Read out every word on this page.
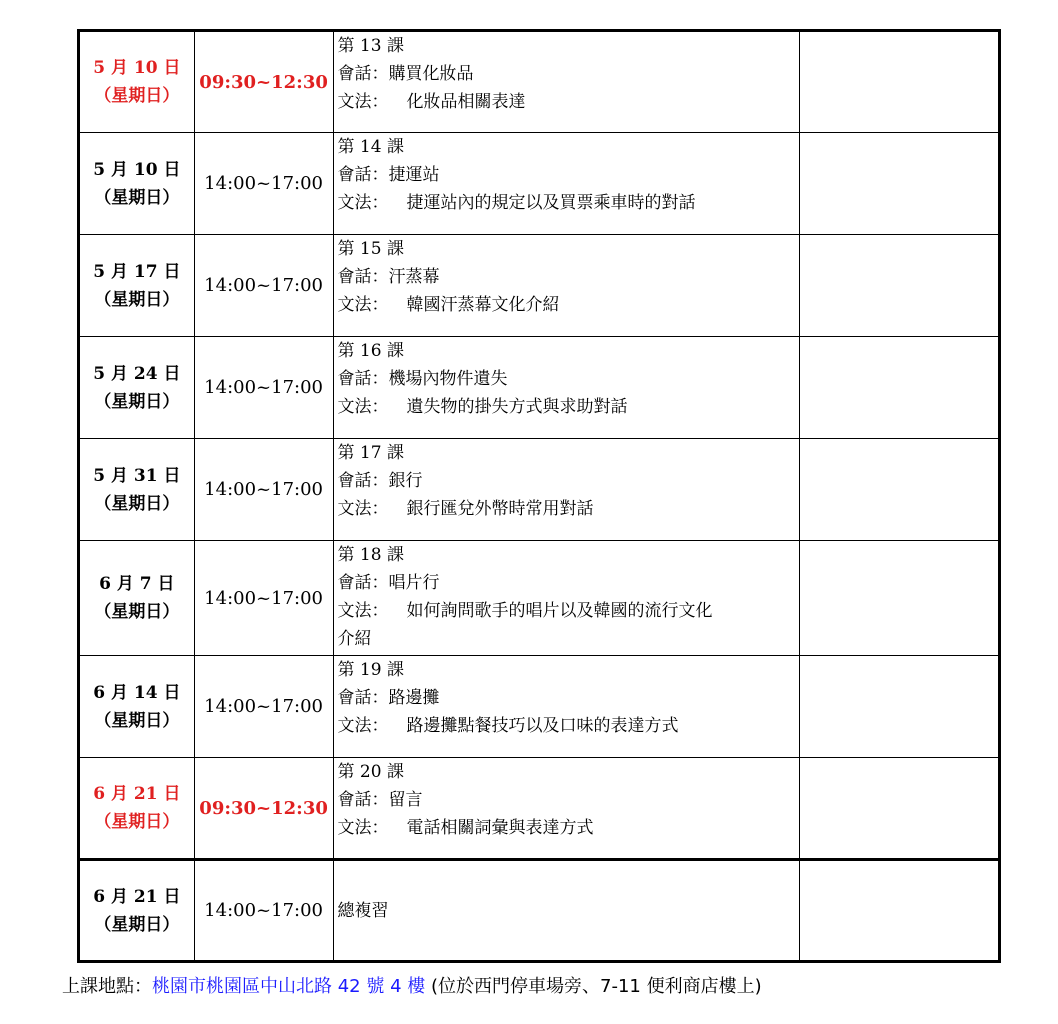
5 月 10 日
（星期日）	09:30~12:30	第 13 課
會話：購買化妝品
文法： 化妝品相關表達	

5 月 10 日
（星期日）	14:00~17:00	第 14 課
會話：捷運站
文法： 捷運站內的規定以及買票乘車時的對話	

5 月 17 日
（星期日）	14:00~17:00	第 15 課
會話：汗蒸幕
文法： 韓國汗蒸幕文化介紹	

5 月 24 日
（星期日）	14:00~17:00	第 16 課
會話：機場內物件遺失
文法： 遺失物的掛失方式與求助對話	

5 月 31 日
（星期日）	14:00~17:00	第 17 課
會話：銀行
文法： 銀行匯兌外幣時常用對話	

6 月 7 日
（星期日）	14:00~17:00	第 18 課
會話：唱片行
文法： 如何詢問歌手的唱片以及韓國的流行文化
介紹	

6 月 14 日
（星期日）	14:00~17:00	第 19 課
會話：路邊攤
文法： 路邊攤點餐技巧以及口味的表達方式	

6 月 21 日
（星期日）	09:30~12:30	第 20 課
會話：留言
文法： 電話相關詞彙與表達方式	

6 月 21 日
（星期日）	14:00~17:00	總複習	
上課地點：桃園市桃園區中山北路 42 號 4 樓 (位於西門停車場旁、7-11 便利商店樓上)
